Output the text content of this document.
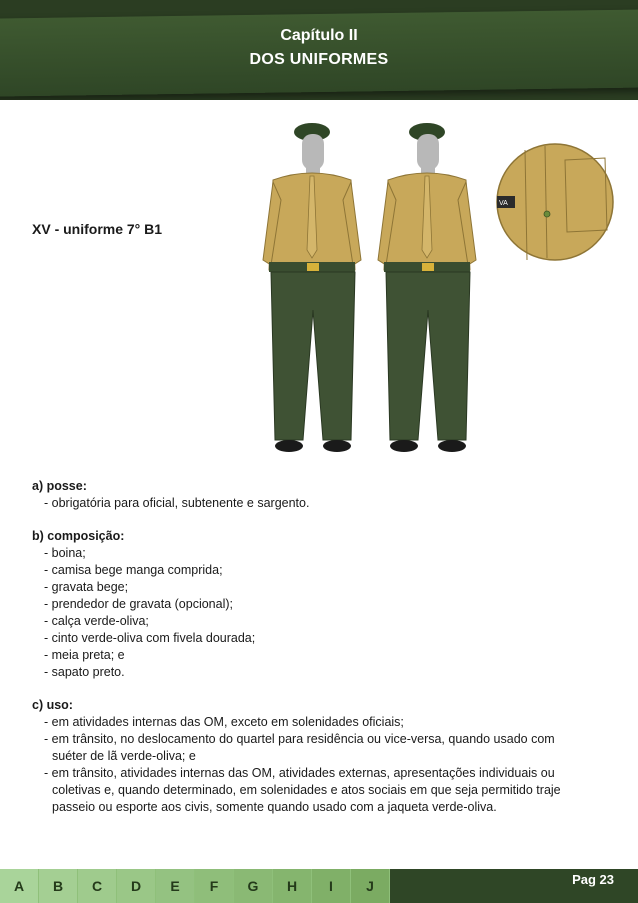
Capítulo II
DOS UNIFORMES
XV - uniforme 7° B1
VA
a) posse:
- obrigatória para oficial, subtenente e sargento.
b) composição:
- boina;
- camisa bege manga comprida;
- gravata bege;
- prendedor de gravata (opcional);
- calça verde-oliva;
- cinto verde-oliva com fivela dourada;
- meia preta; e
- sapato preto.
c) uso:
- em atividades internas das OM, exceto em solenidades oficiais;
- em trânsito, no deslocamento do quartel para residência ou vice-versa, quando usado com suéter de lã verde-oliva; e
- em trânsito, atividades internas das OM, atividades externas, apresentações individuais ou coletivas e, quando determinado, em solenidades e atos sociais em que seja permitido traje passeio ou esporte aos civis, somente quando usado com a jaqueta verde-oliva.
A	B	C	D	E	F	G	H	I	J	Pag 23
